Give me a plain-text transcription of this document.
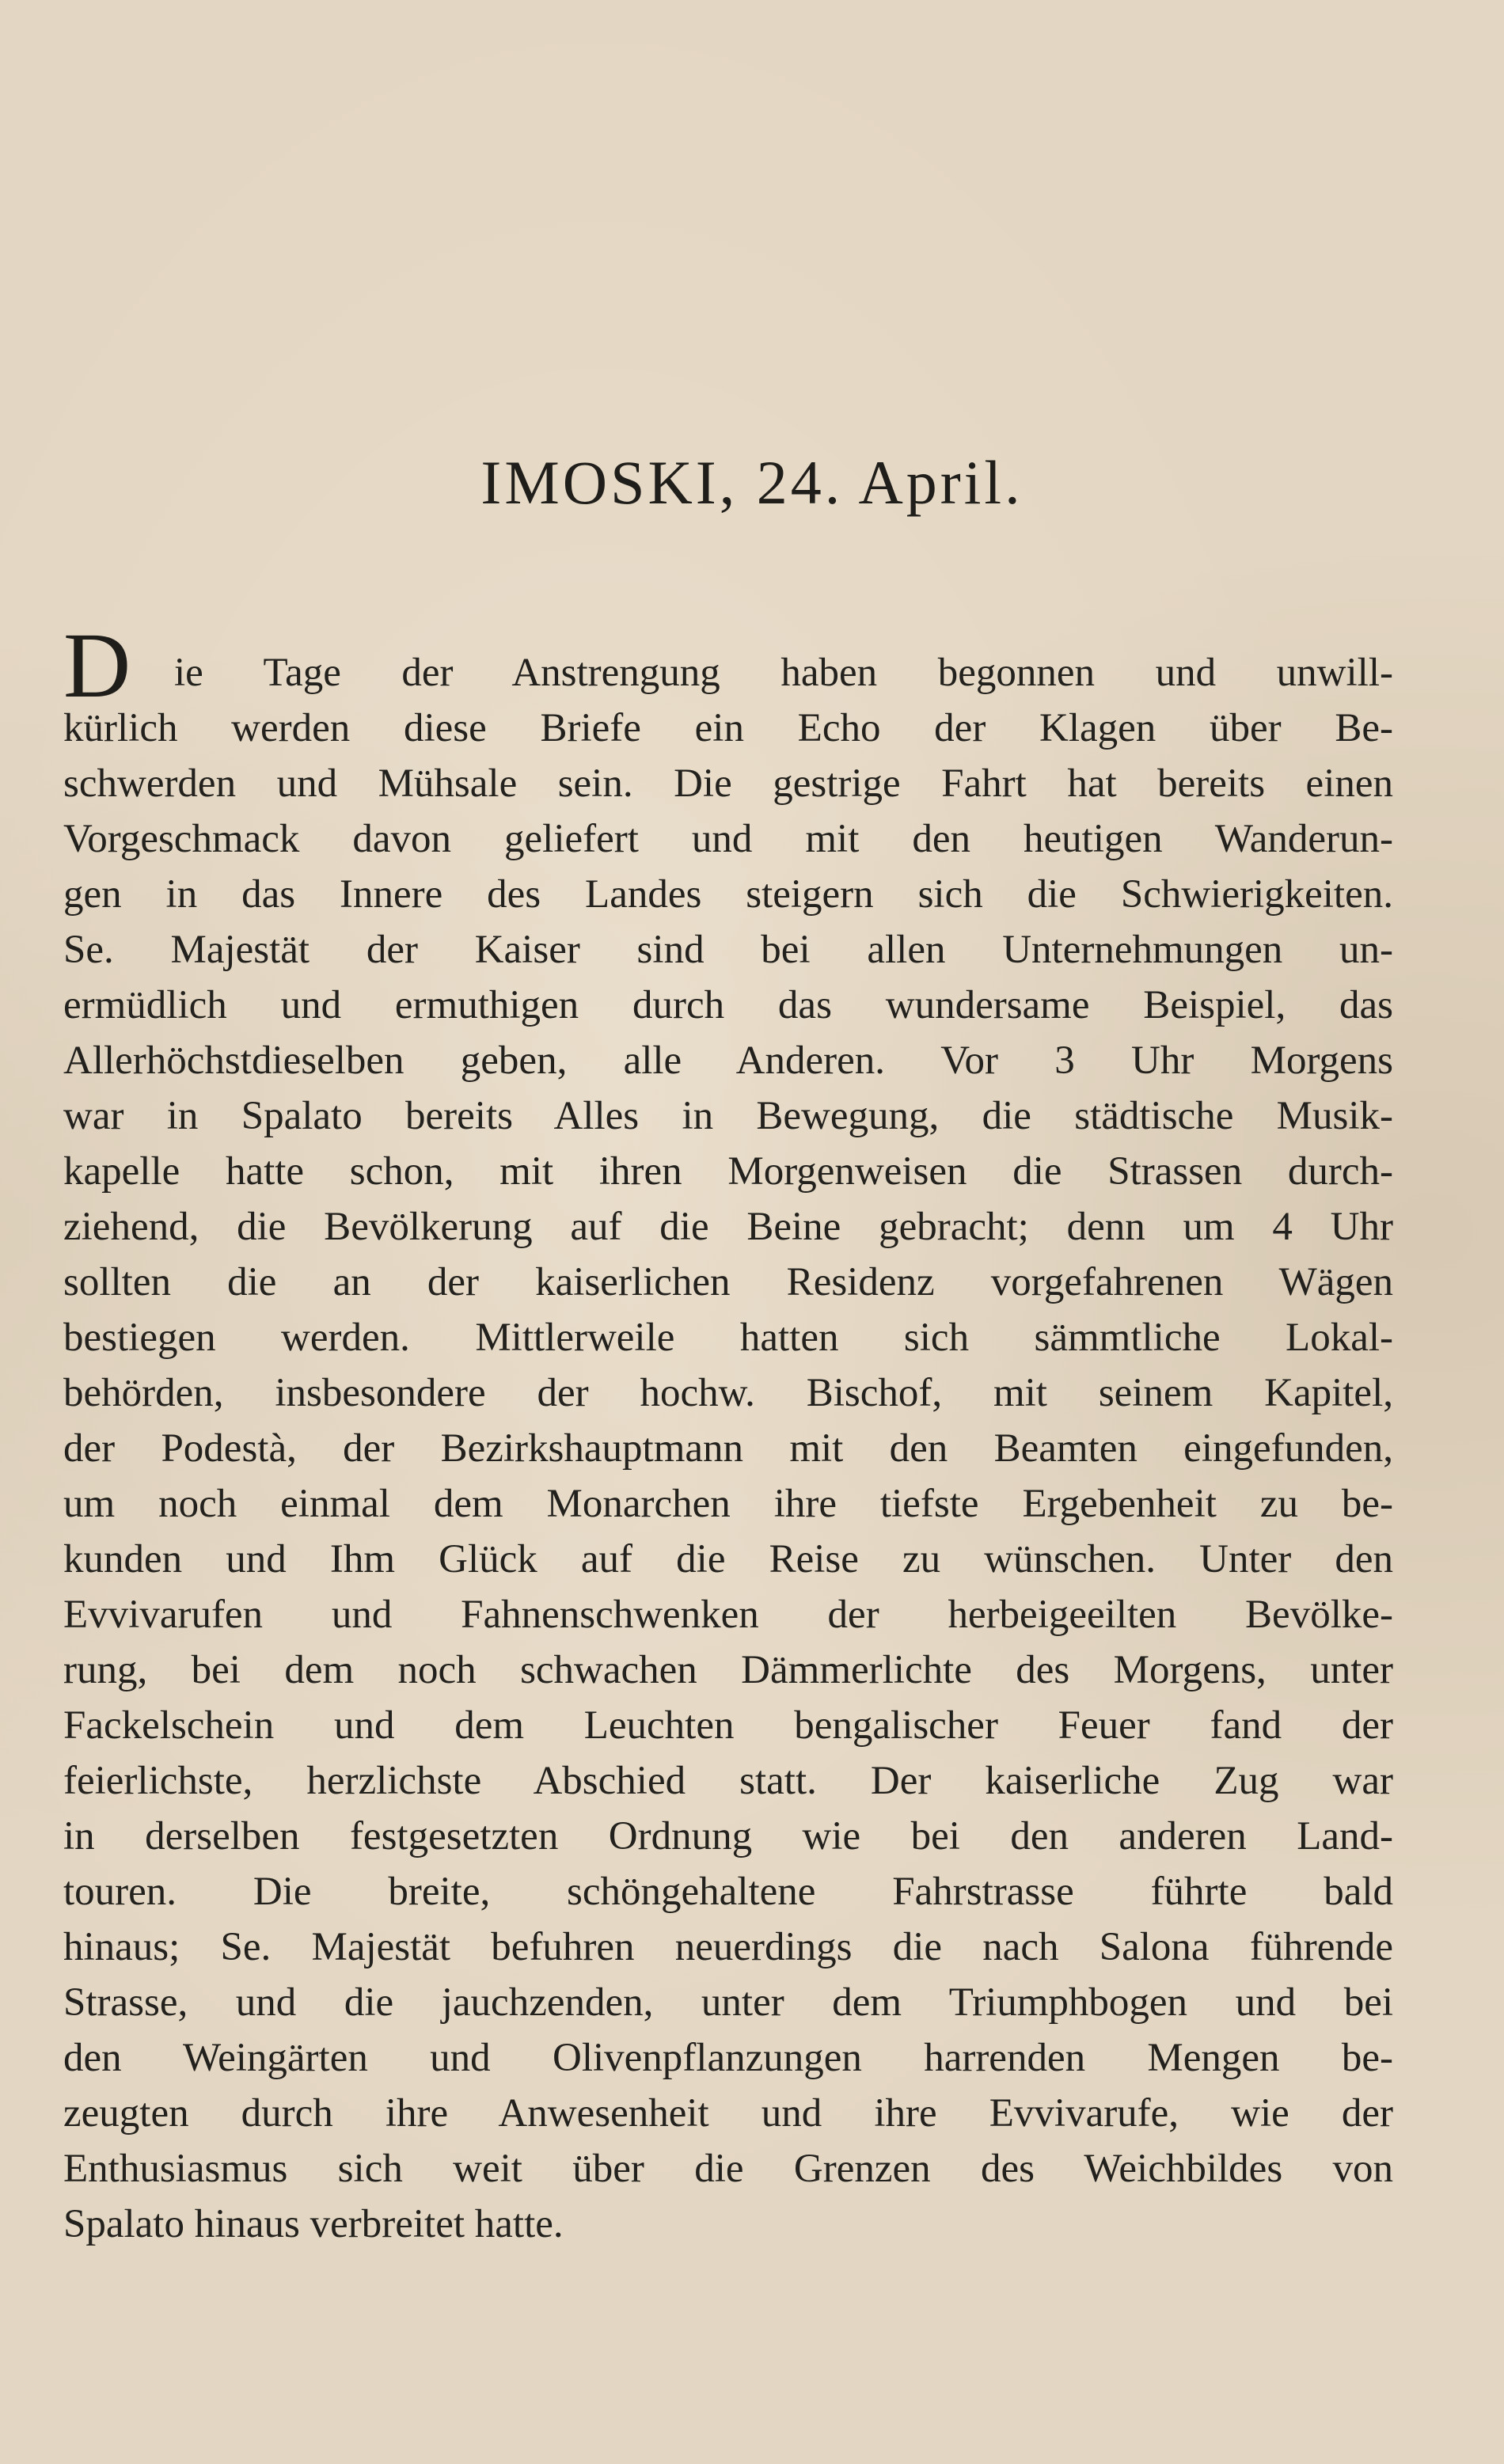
IMOSKI, 24. April.
D	ie Tage der Anstrengung haben begonnen und unwill-
kürlich werden diese Briefe ein Echo der Klagen über Be-
schwerden und Mühsale sein. Die gestrige Fahrt hat bereits einen
Vorgeschmack davon geliefert und mit den heutigen Wanderun-
gen in das Innere des Landes steigern sich die Schwierigkeiten.
Se. Majestät der Kaiser sind bei allen Unternehmungen un-
ermüdlich und ermuthigen durch das wundersame Beispiel, das
Allerhöchstdieselben geben, alle Anderen. Vor 3 Uhr Morgens
war in Spalato bereits Alles in Bewegung, die städtische Musik-
kapelle hatte schon, mit ihren Morgenweisen die Strassen durch-
ziehend, die Bevölkerung auf die Beine gebracht; denn um 4 Uhr
sollten die an der kaiserlichen Residenz vorgefahrenen Wägen
bestiegen werden. Mittlerweile hatten sich sämmtliche Lokal-
behörden, insbesondere der hochw. Bischof, mit seinem Kapitel,
der Podestà, der Bezirkshauptmann mit den Beamten eingefunden,
um noch einmal dem Monarchen ihre tiefste Ergebenheit zu be-
kunden und Ihm Glück auf die Reise zu wünschen. Unter den
Evvivarufen und Fahnenschwenken der herbeigeeilten Bevölke-
rung, bei dem noch schwachen Dämmerlichte des Morgens, unter
Fackelschein und dem Leuchten bengalischer Feuer fand der
feierlichste, herzlichste Abschied statt. Der kaiserliche Zug war
in derselben festgesetzten Ordnung wie bei den anderen Land-
touren. Die breite, schöngehaltene Fahrstrasse führte bald
hinaus; Se. Majestät befuhren neuerdings die nach Salona führende
Strasse, und die jauchzenden, unter dem Triumphbogen und bei
den Weingärten und Olivenpflanzungen harrenden Mengen be-
zeugten durch ihre Anwesenheit und ihre Evvivarufe, wie der
Enthusiasmus sich weit über die Grenzen des Weichbildes von
Spalato hinaus verbreitet hatte.
